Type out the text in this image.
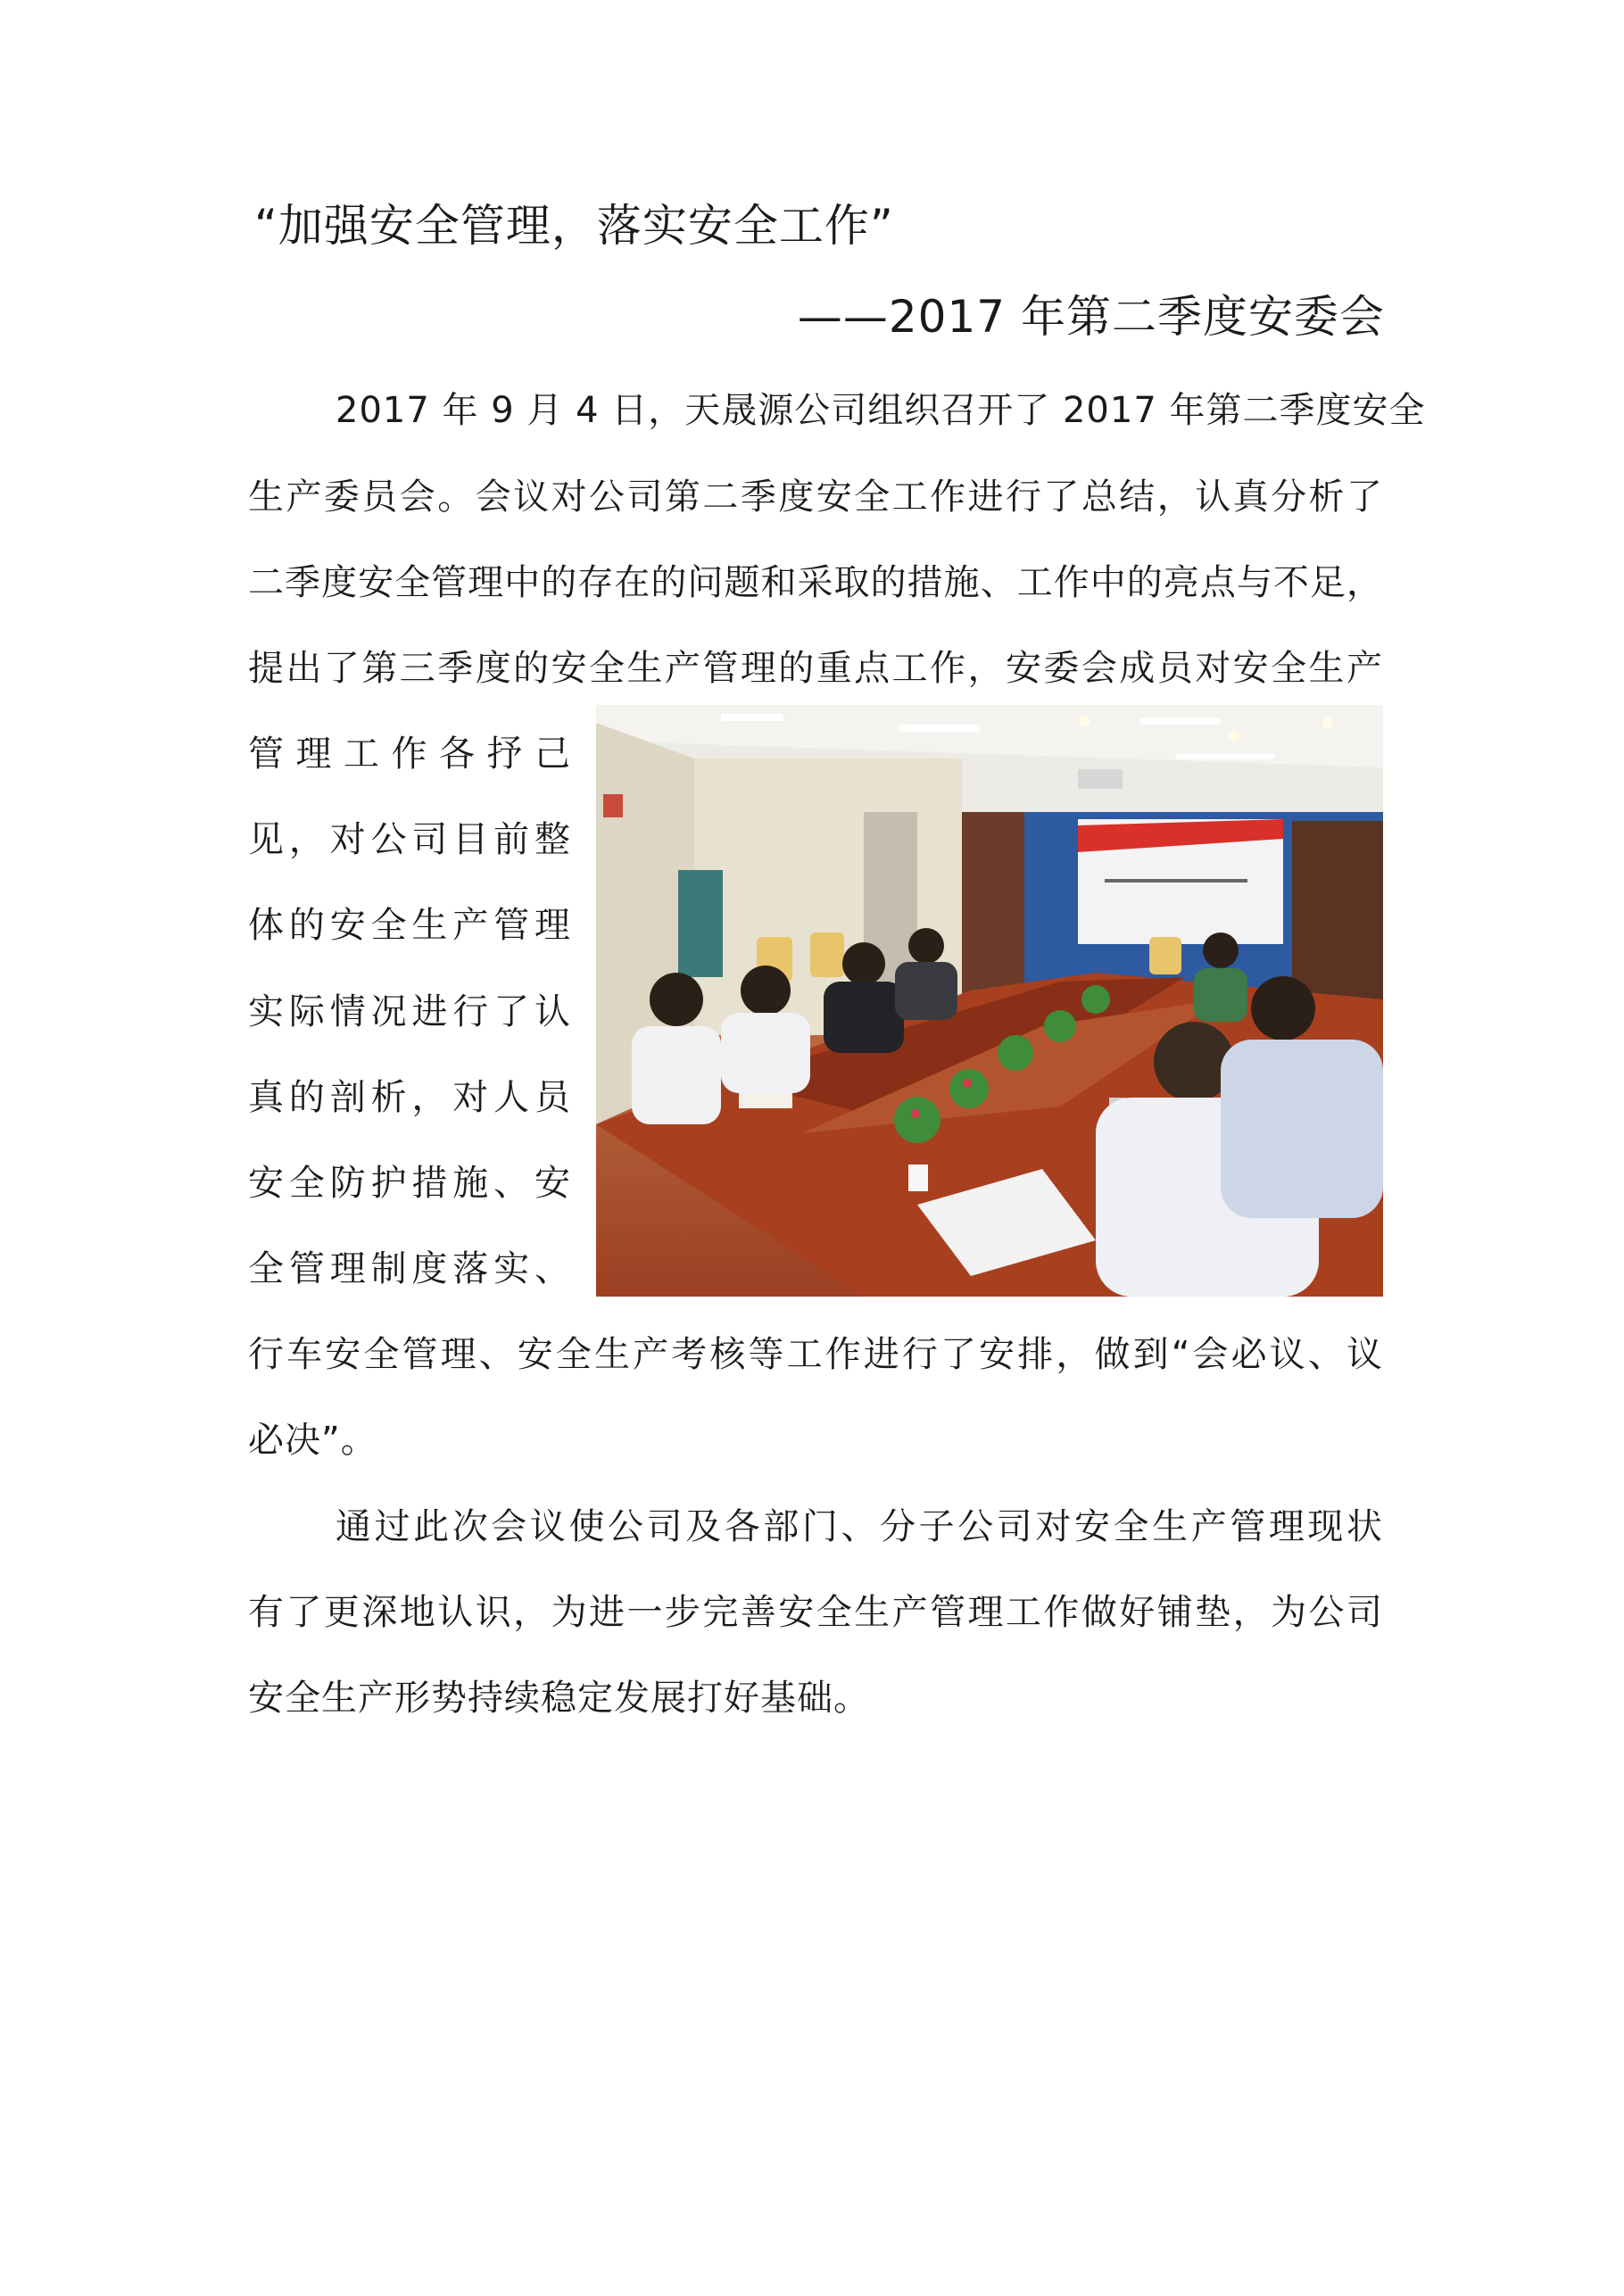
“加强安全管理，落实安全工作”
——2017 年第二季度安委会
2017 年 9 月 4 日，天晟源公司组织召开了 2017 年第二季度安全
生产委员会。会议对公司第二季度安全工作进行了总结，认真分析了
二季度安全管理中的存在的问题和采取的措施、工作中的亮点与不足，
提出了第三季度的安全生产管理的重点工作，安委会成员对安全生产
管理工作各抒己
见，对公司目前整
体的安全生产管理
实际情况进行了认
真的剖析，对人员
安全防护措施、安
全管理制度落实、
行车安全管理、安全生产考核等工作进行了安排，做到“会必议、议
必决”。
通过此次会议使公司及各部门、分子公司对安全生产管理现状
有了更深地认识，为进一步完善安全生产管理工作做好铺垫，为公司
安全生产形势持续稳定发展打好基础。
